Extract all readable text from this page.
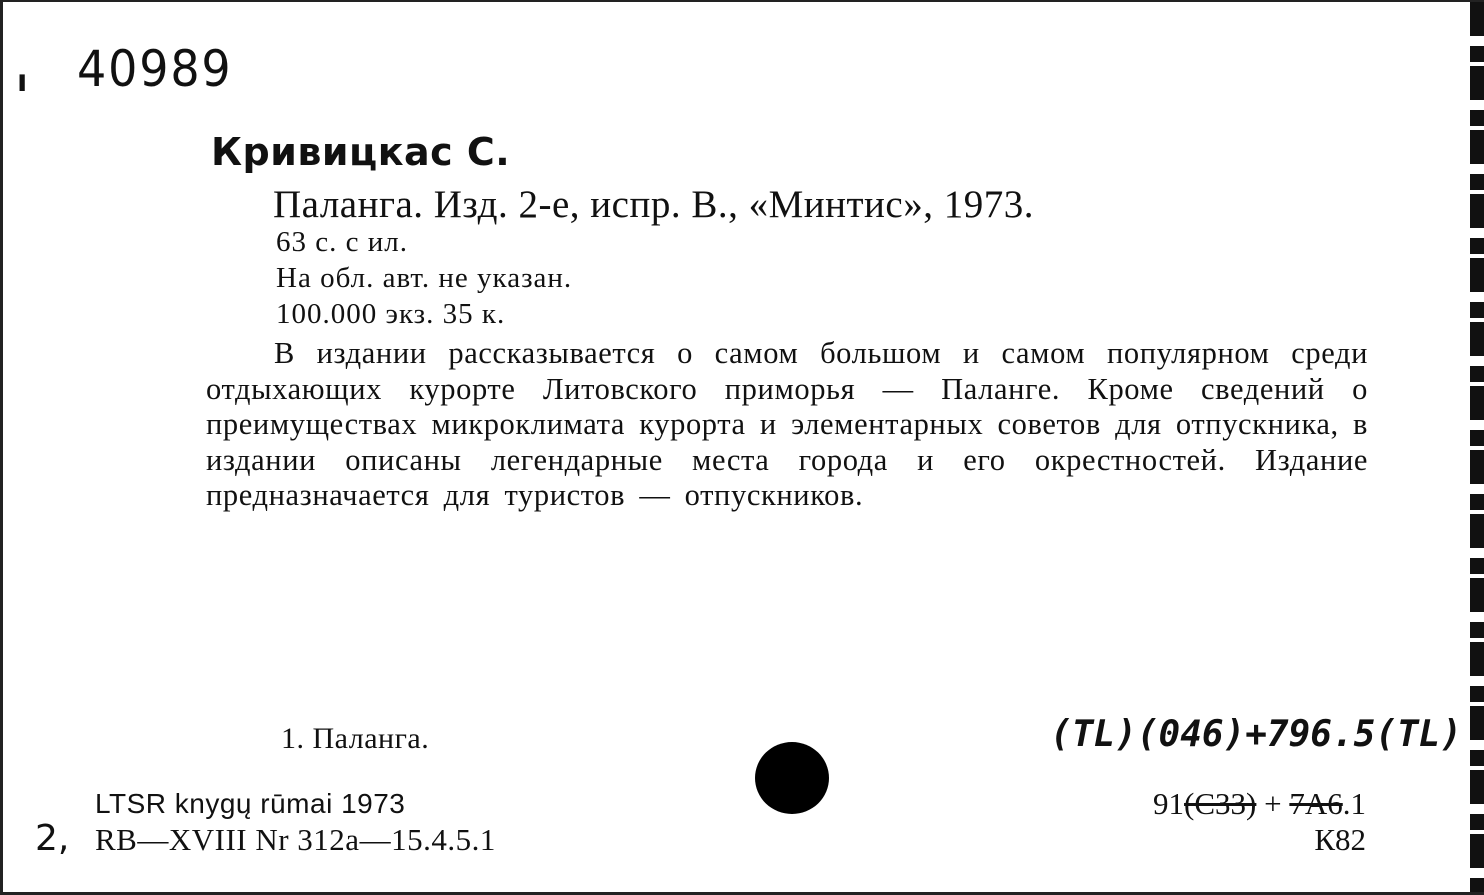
ı 40989
Кривицкас С.
Паланга. Изд. 2-е, испр. В., «Минтис», 1973.
63 с. с ил.
На обл. авт. не указан.
100.000 экз. 35 к.
В издании рассказывается о самом большом и самом популярном среди отдыхающих курорте Литовского приморья — Паланге. Кроме сведений о преимуществах микроклимата курорта и элементарных советов для отпускника, в издании описаны легендарные места города и его окрестностей. Издание предназначается для туристов — отпускников.
1. Паланга.
2,
LTSR knygų rūmai 1973
RB—XVIII Nr 312a—15.4.5.1
(TL)(046)+796.5(TL)
91(С33) + 7А6.1
К82
